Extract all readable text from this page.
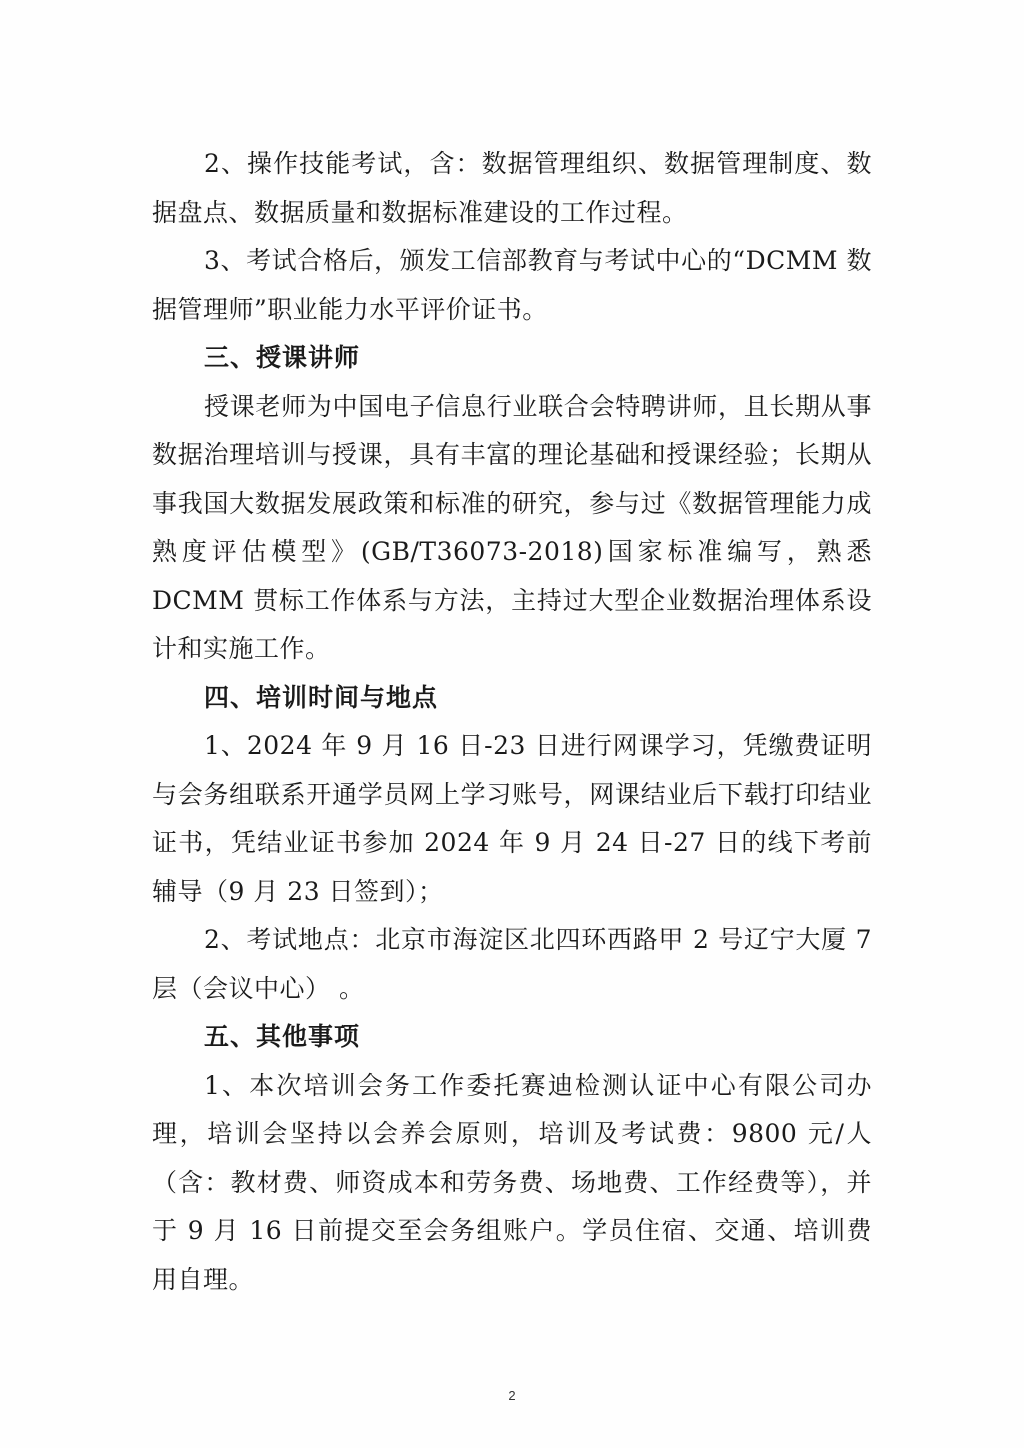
2、操作技能考试，含：数据管理组织、数据管理制度、数据盘点、数据质量和数据标准建设的工作过程。

3、考试合格后，颁发工信部教育与考试中心的“DCMM 数据管理师”职业能力水平评价证书。

三、授课讲师

授课老师为中国电子信息行业联合会特聘讲师，且长期从事数据治理培训与授课，具有丰富的理论基础和授课经验；长期从事我国大数据发展政策和标准的研究，参与过《数据管理能力成熟度评估模型》(GB/T36073-2018)国家标准编写，熟悉 DCMM 贯标工作体系与方法，主持过大型企业数据治理体系设计和实施工作。

四、培训时间与地点

1、2024 年 9 月 16 日-23 日进行网课学习，凭缴费证明与会务组联系开通学员网上学习账号，网课结业后下载打印结业证书，凭结业证书参加 2024 年 9 月 24 日-27 日的线下考前辅导（9 月 23 日签到）；

2、考试地点：北京市海淀区北四环西路甲 2 号辽宁大厦 7 层（会议中心） 。

五、其他事项

1、本次培训会务工作委托赛迪检测认证中心有限公司办理，培训会坚持以会养会原则，培训及考试费：9800 元/人（含：教材费、师资成本和劳务费、场地费、工作经费等），并于 9 月 16 日前提交至会务组账户。学员住宿、交通、培训费用自理。

2
